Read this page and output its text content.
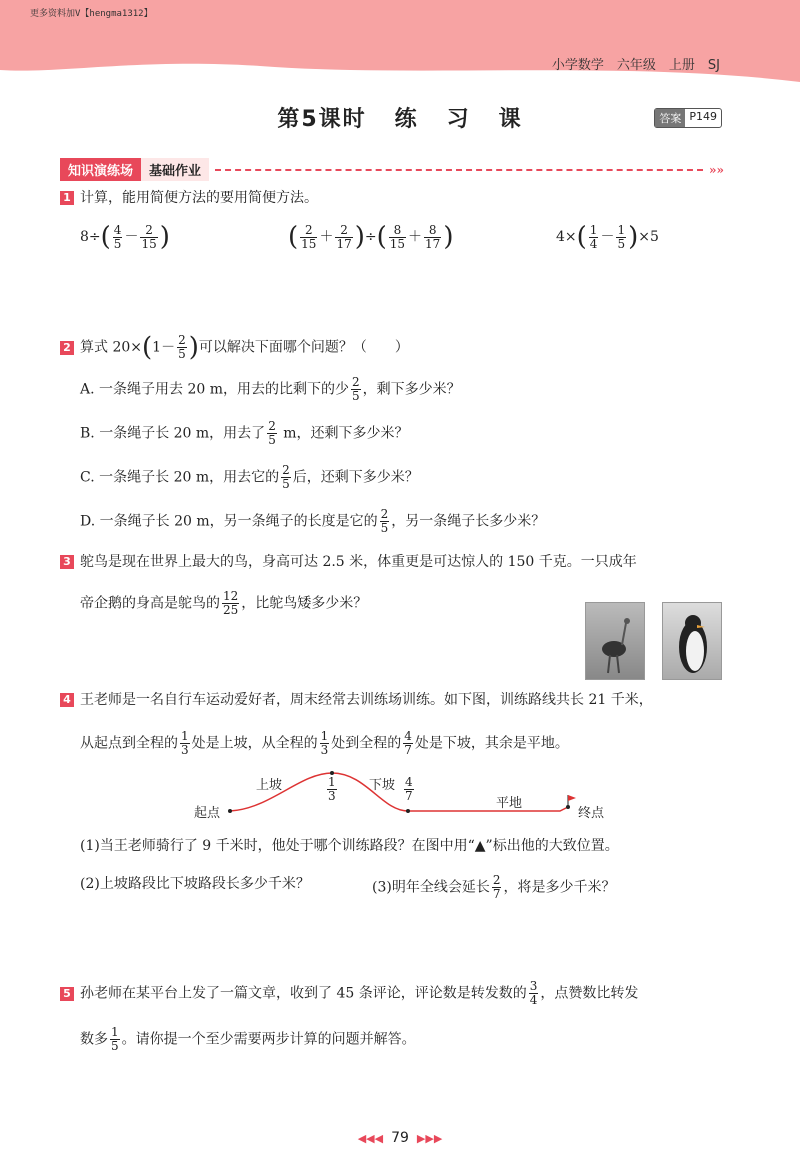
更多资料加V【hengma1312】
小学数学　六年级　上册　SJ
第5课时 练 习 课	答案 P149
知识演练场	基础作业	»»
1 计算，能用简便方法的要用简便方法。
$8\div( \frac{4}{5} - \frac{2}{15}$ )	( $\frac{2}{15} + \frac{2}{17}$ )÷( $\frac{8}{15} + \frac{8}{17}$ )	$4\times( \frac{1}{4} - \frac{1}{5} )\times 5$
2 算式 $20\times(1- \frac{2}{5}$ )可以解决下面哪个问题？（　　）
A. 一条绳子用去 20 m，用去的比剩下的少 $\frac{2}{5}$ ，剩下多少米？
B. 一条绳子长 20 m，用去了 $\frac{2}{5}$ m，还剩下多少米？
C. 一条绳子长 20 m，用去它的 $\frac{2}{5}$ 后，还剩下多少米？
D. 一条绳子长 20 m，另一条绳子的长度是它的 $\frac{2}{5}$ ，另一条绳子长多少米？
3 鸵鸟是现在世界上最大的鸟，身高可达 2.5 米，体重更是可达惊人的 150 千克。一只成年
帝企鹅的身高是鸵鸟的 $\frac{12}{25}$ ，比鸵鸟矮多少米？
4 王老师是一名自行车运动爱好者，周末经常去训练场训练。如下图，训练路线共长 21 千米，
从起点到全程的 $\frac{1}{3}$ 处是上坡，从全程的 $\frac{1}{3}$ 处到全程的 $\frac{4}{7}$ 处是下坡，其余是平地。
起点
上坡	$\frac{1}{3}$ 下坡 $\frac{4}{7}$
平地
终点
(1)当王老师骑行了 9 千米时，他处于哪个训练路段？在图中用“▲”标出他的大致位置。
(2)上坡路段比下坡路段长多少千米？	(3)明年全线会延长 $\frac{2}{7}$ ，将是多少千米？
5 孙老师在某平台上发了一篇文章，收到了 45 条评论，评论数是转发数的 $\frac{3}{4}$ ，点赞数比转发
数多 $\frac{1}{5}$ 。请你提一个至少需要两步计算的问题并解答。
◀◀◀ 79 ▶▶▶
